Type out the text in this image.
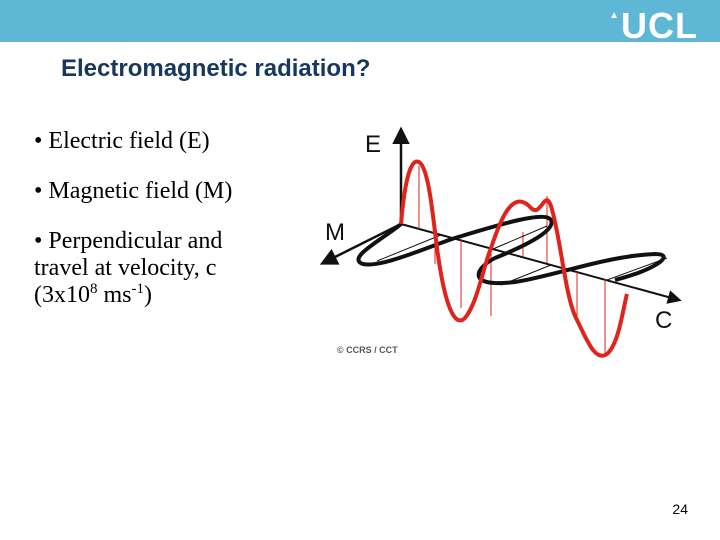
▲ UCL
Electromagnetic radiation?

• Electric field (E)

• Magnetic field (M)

• Perpendicular and travel at velocity, c ($3x10^8$ $ms^{-1}$)

E
M
C
© CCRS / CCT
24
